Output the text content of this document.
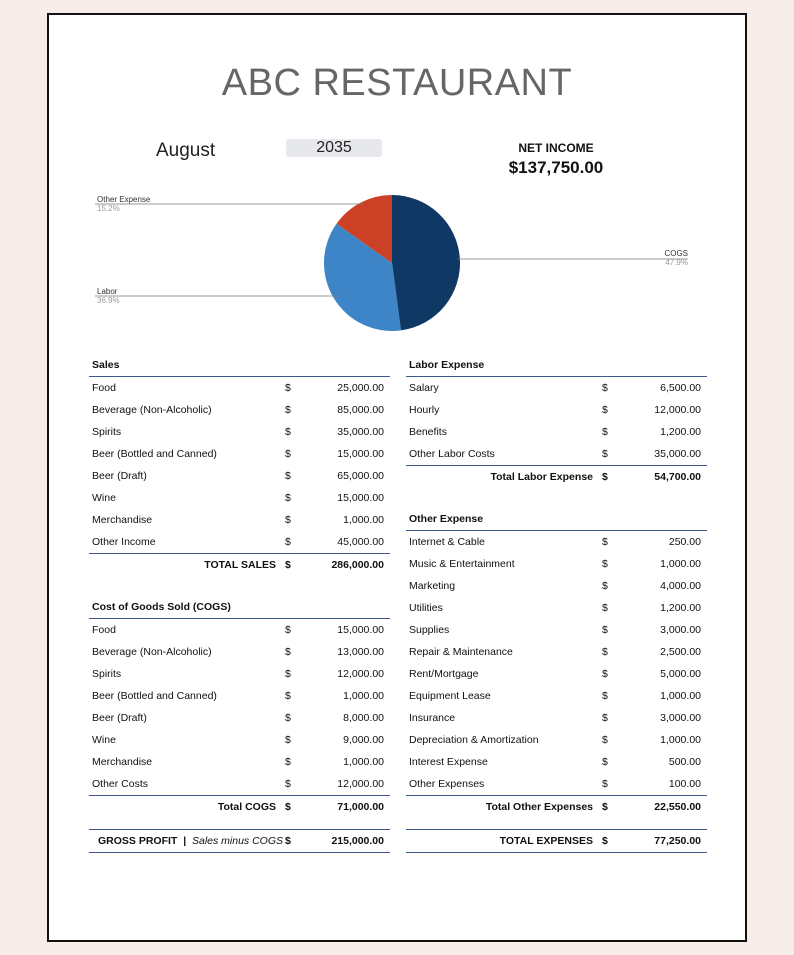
ABC RESTAURANT
August	2035	NET INCOME
$137,750.00
Other Expense
15.2%
Labor
36.9%
COGS
47.9%
Sales
Food	$	25,000.00
Beverage (Non-Alcoholic)	$	85,000.00
Spirits	$	35,000.00
Beer (Bottled and Canned)	$	15,000.00
Beer (Draft)	$	65,000.00
Wine	$	15,000.00
Merchandise	$	1,000.00
Other Income	$	45,000.00
TOTAL SALES $	286,000.00
Cost of Goods Sold (COGS)
Food	$	15,000.00
Beverage (Non-Alcoholic)	$	13,000.00
Spirits	$	12,000.00
Beer (Bottled and Canned)	$	1,000.00
Beer (Draft)	$	8,000.00
Wine	$	9,000.00
Merchandise	$	1,000.00
Other Costs	$	12,000.00
Total COGS $	71,000.00
GROSS PROFIT | Sales minus COGS $	215,000.00
Labor Expense
Salary	$	6,500.00
Hourly	$	12,000.00
Benefits	$	1,200.00
Other Labor Costs	$	35,000.00
Total Labor Expense $	54,700.00
Other Expense
Internet & Cable	$	250.00
Music & Entertainment	$	1,000.00
Marketing	$	4,000.00
Utilities	$	1,200.00
Supplies	$	3,000.00
Repair & Maintenance	$	2,500.00
Rent/Mortgage	$	5,000.00
Equipment Lease	$	1,000.00
Insurance	$	3,000.00
Depreciation & Amortization	$	1,000.00
Interest Expense	$	500.00
Other Expenses	$	100.00
Total Other Expenses $	22,550.00
TOTAL EXPENSES $	77,250.00
